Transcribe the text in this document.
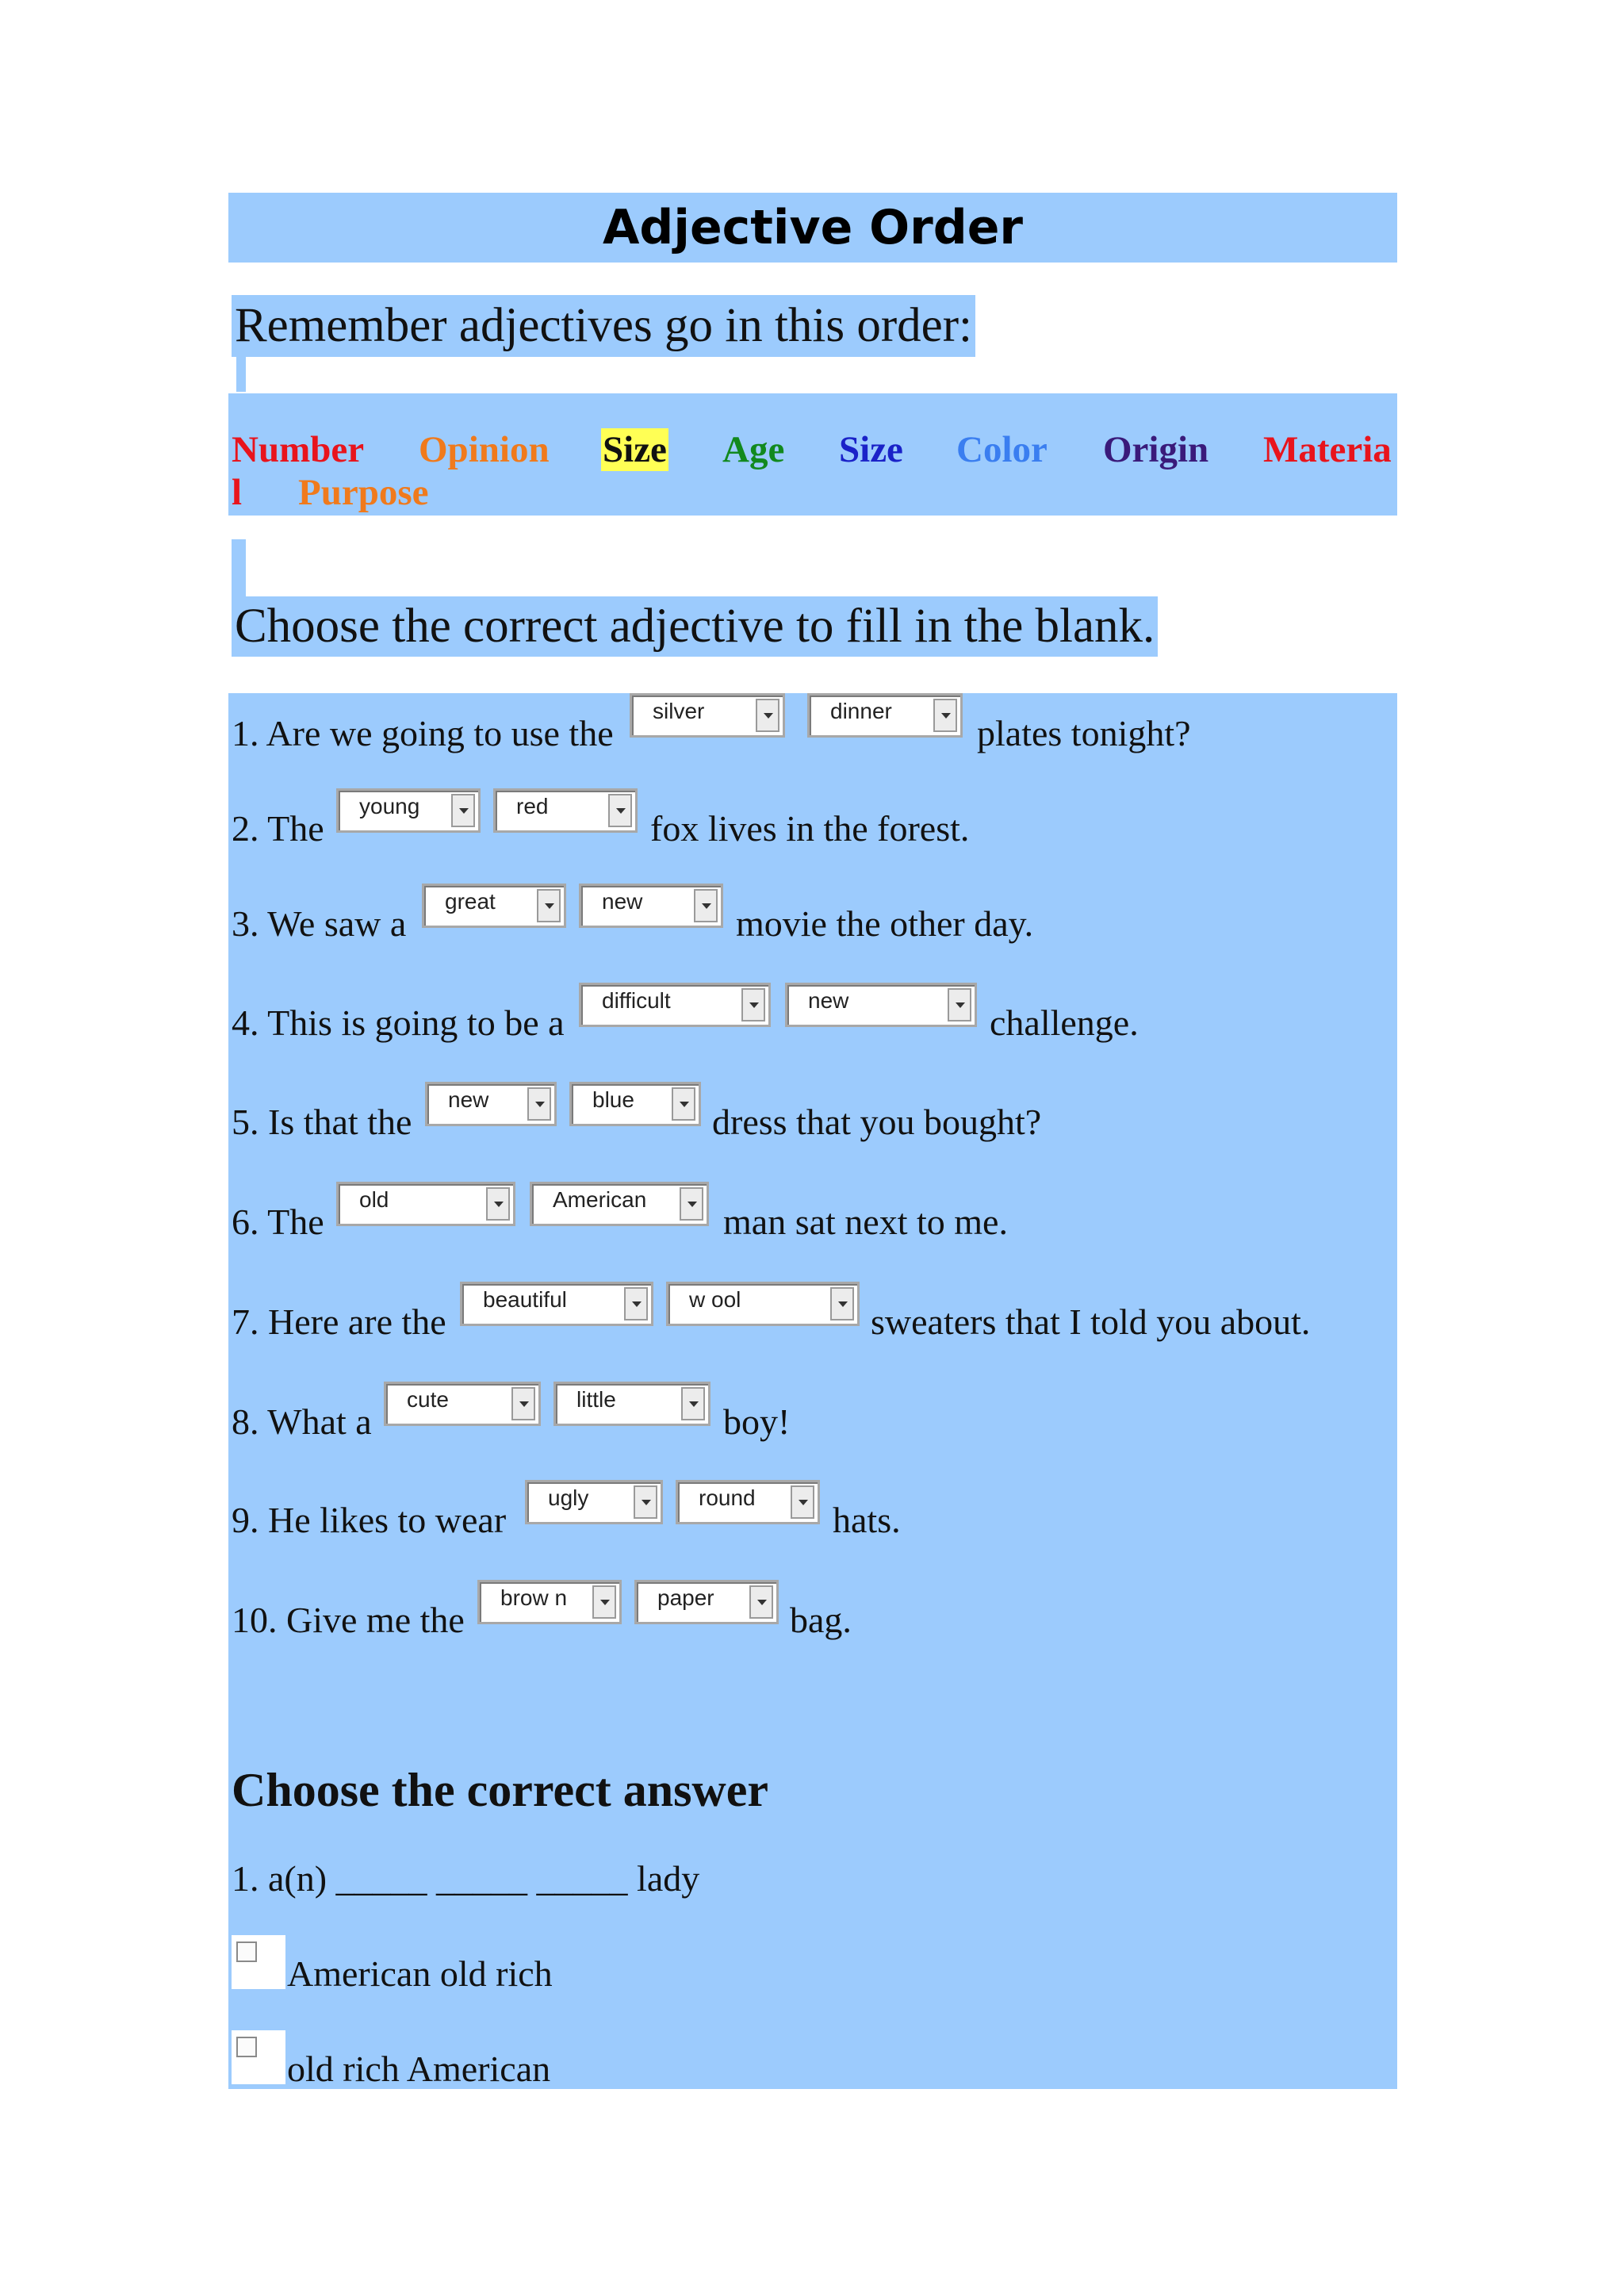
Adjective Order
Remember adjectives go in this order:
Number Opinion Size Age Size Color Origin Materia
l Purpose
Choose the correct adjective to fill in the blank.
1. Are we going to use the
silver	dinner
plates tonight?
2. The
young	red
fox lives in the forest.
3. We saw a
great	new
movie the other day.
4. This is going to be a
difficult	new
challenge.
5. Is that the
new	blue
dress that you bought?
6. The
old	American
man sat next to me.
7. Here are the
beautiful	w ool
sweaters that I told you about.
8. What a
cute	little
boy!
9. He likes to wear
ugly	round
hats.
10. Give me the
brow n	paper
bag.
Choose the correct answer
1. a(n) _____ _____ _____ lady
American old rich
old rich American
